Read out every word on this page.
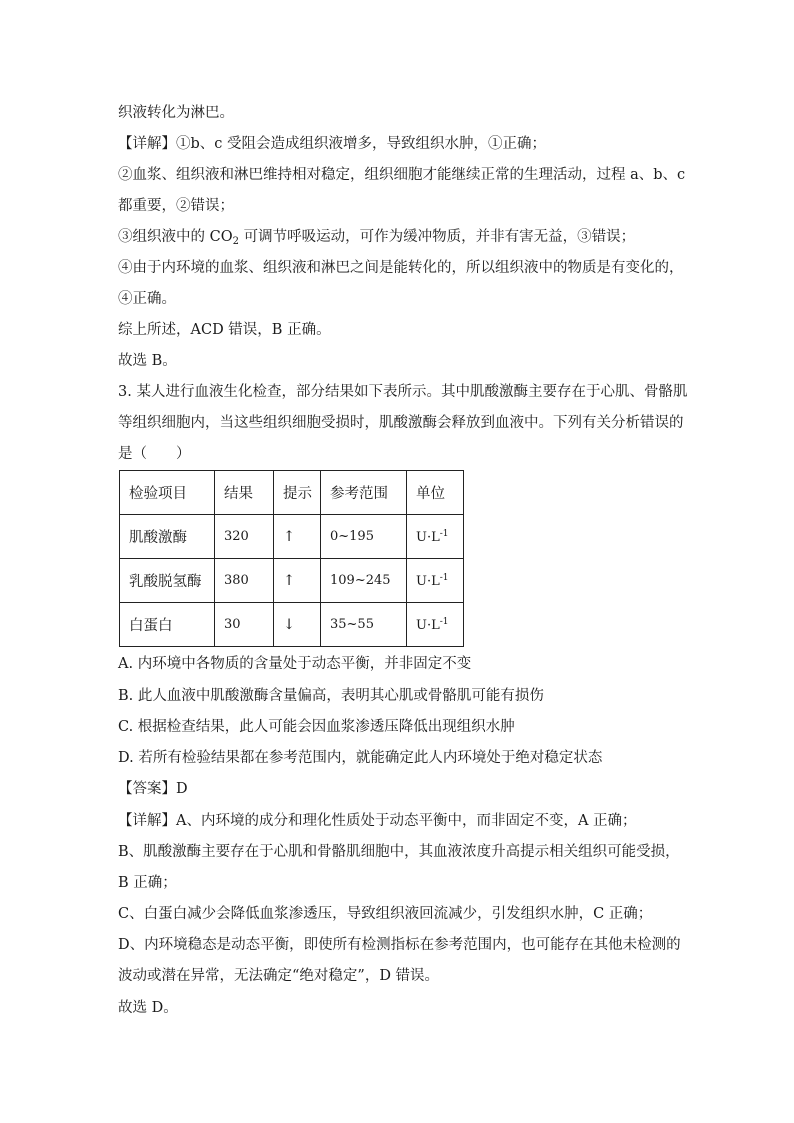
织液转化为淋巴。
【详解】①b、c 受阻会造成组织液增多，导致组织水肿，①正确；
②血浆、组织液和淋巴维持相对稳定，组织细胞才能继续正常的生理活动，过程 a、b、c
都重要，②错误；
③组织液中的 $CO_2$ 可调节呼吸运动，可作为缓冲物质，并非有害无益，③错误；
④由于内环境的血浆、组织液和淋巴之间是能转化的，所以组织液中的物质是有变化的，
④正确。
综上所述，ACD 错误，B 正确。
故选 B。
3. 某人进行血液生化检查，部分结果如下表所示。其中肌酸激酶主要存在于心肌、骨骼肌
等组织细胞内，当这些组织细胞受损时，肌酸激酶会释放到血液中。下列有关分析错误的
是（　　）
检验项目	结果	提示	参考范围	单位
肌酸激酶	320	↑	0~195	$U\cdot L^{-1}$
乳酸脱氢酶	380	↑	109~245	$U\cdot L^{-1}$
白蛋白	30	↓	35~55	$U\cdot L^{-1}$
A. 内环境中各物质的含量处于动态平衡，并非固定不变
B. 此人血液中肌酸激酶含量偏高，表明其心肌或骨骼肌可能有损伤
C. 根据检查结果，此人可能会因血浆渗透压降低出现组织水肿
D. 若所有检验结果都在参考范围内，就能确定此人内环境处于绝对稳定状态
【答案】D
【详解】A、内环境的成分和理化性质处于动态平衡中，而非固定不变，A 正确；
B、肌酸激酶主要存在于心肌和骨骼肌细胞中，其血液浓度升高提示相关组织可能受损，
B 正确；
C、白蛋白减少会降低血浆渗透压，导致组织液回流减少，引发组织水肿，C 正确；
D、内环境稳态是动态平衡，即使所有检测指标在参考范围内，也可能存在其他未检测的
波动或潜在异常，无法确定“绝对稳定”，D 错误。
故选 D。
